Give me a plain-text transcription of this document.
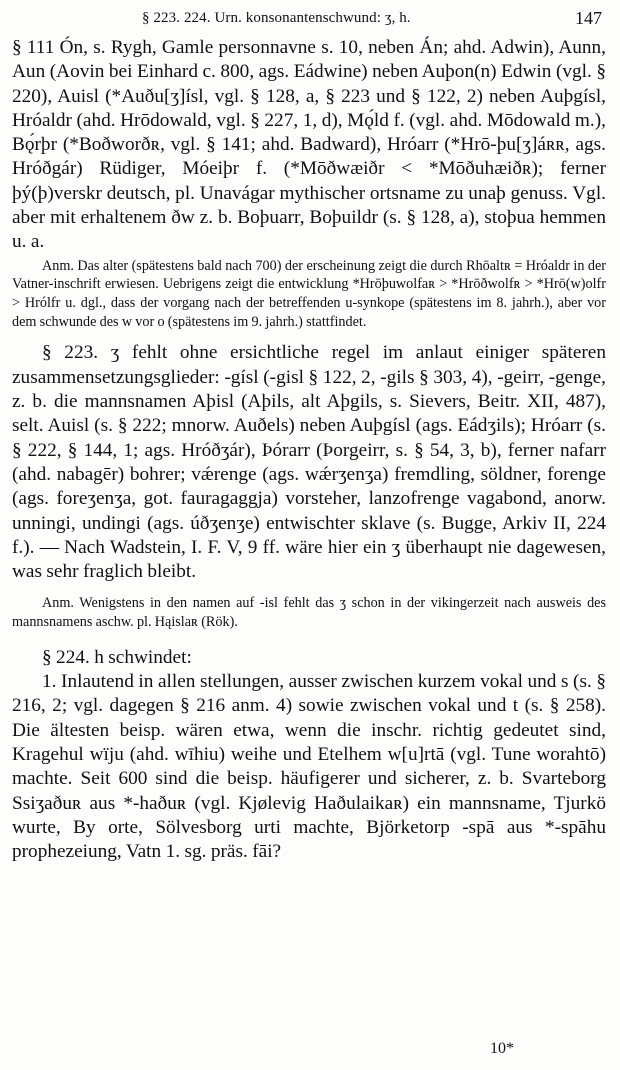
§ 223. 224. Urn. konsonantenschwund: ʒ, h.	147

§ 111 Ón, s. Rygh, Gamle personnavne s. 10, neben Án; ahd. Adwin), Aunn, Aun (Aovin bei Einhard c. 800, ags. Eádwine) neben Auþon(n) Edwin (vgl. § 220), Auisl (*Auðu[ʒ]ísl, vgl. § 128, a, § 223 und § 122, 2) neben Auþgísl, Hróaldr (ahd. Hrōdowald, vgl. § 227, 1, d), Mǫ́ld f. (vgl. ahd. Mōdowald m.), Bǫ́rþr (*Boðworðʀ, vgl. § 141; ahd. Badward), Hróarr (*Hrō-þu[ʒ]áʀʀ, ags. Hróðgár) Rüdiger, Móeiþr f. (*Mōðwæiðr < *Mōðuhæiðʀ); ferner þý(þ)verskr deutsch, pl. Unavágar mythischer ortsname zu unaþ genuss. Vgl. aber mit erhaltenem ðw z. b. Boþuarr, Boþuildr (s. § 128, a), stoþua hemmen u. a.

Anm. Das alter (spätestens bald nach 700) der erscheinung zeigt die durch Rhōaltʀ = Hróaldr in der Vatner-inschrift erwiesen. Uebrigens zeigt die entwicklung *Hrōþuwolfaʀ > *Hrōðwolfʀ > *Hrō(w)olfr > Hrólfr u. dgl., dass der vorgang nach der betreffenden u-synkope (spätestens im 8. jahrh.), aber vor dem schwunde des w vor o (spätestens im 9. jahrh.) stattfindet.

§ 223. ʒ fehlt ohne ersichtliche regel im anlaut einiger späteren zusammensetzungsglieder: -gísl (-gisl § 122, 2, -gils § 303, 4), -geirr, -genge, z. b. die mannsnamen Aþisl (Aþils, alt Aþgils, s. Sievers, Beitr. XII, 487), selt. Auisl (s. § 222; mnorw. Auðels) neben Auþgísl (ags. Eádʒils); Hróarr (s. § 222, § 144, 1; ags. Hróðʒár), Þórarr (Þorgeirr, s. § 54, 3, b), ferner nafarr (ahd. nabagēr) bohrer; vǽrenge (ags. wǽrʒenʒa) fremdling, söldner, forenge (ags. foreʒenʒa, got. fauragaggja) vorsteher, lanzofrenge vagabond, anorw. unningi, undingi (ags. úðʒenʒe) entwischter sklave (s. Bugge, Arkiv II, 224 f.). — Nach Wadstein, I. F. V, 9 ff. wäre hier ein ʒ überhaupt nie dagewesen, was sehr fraglich bleibt.

Anm. Wenigstens in den namen auf -isl fehlt das ʒ schon in der vikingerzeit nach ausweis des mannsnamens aschw. pl. Hąislaʀ (Rök).

§ 224. h schwindet:

1. Inlautend in allen stellungen, ausser zwischen kurzem vokal und s (s. § 216, 2; vgl. dagegen § 216 anm. 4) sowie zwischen vokal und t (s. § 258). Die ältesten beisp. wären etwa, wenn die inschr. richtig gedeutet sind, Kragehul wïju (ahd. wīhiu) weihe und Etelhem w[u]rtā (vgl. Tune worahtō) machte. Seit 600 sind die beisp. häufigerer und sicherer, z. b. Svarteborg Ssiʒaðuʀ aus *-haðuʀ (vgl. Kjølevig Haðulaikaʀ) ein mannsname, Tjurkö wurte, By orte, Sölvesborg urti machte, Björketorp -spā aus *-spāhu prophezeiung, Vatn 1. sg. präs. fāi?

10*
